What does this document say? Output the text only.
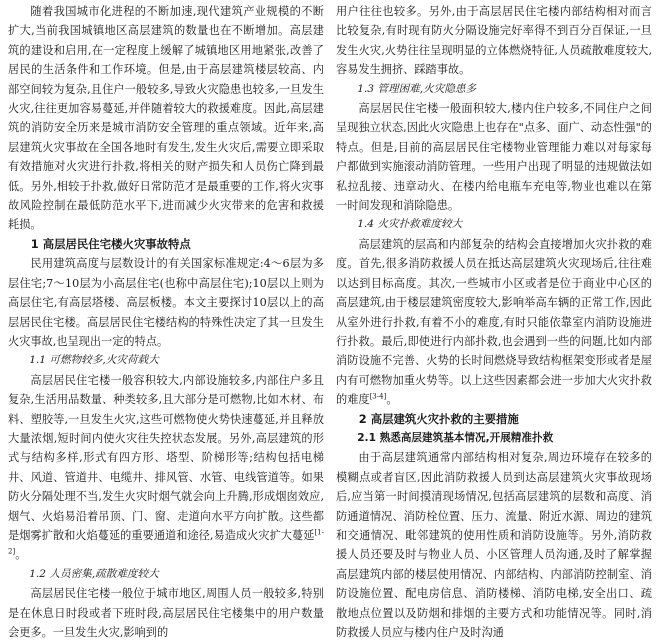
随着我国城市化进程的不断加速,现代建筑产业规模的不断扩大,当前我国城镇地区高层建筑的数量也在不断增加。高层建筑的建设和启用,在一定程度上缓解了城镇地区用地紧张,改善了居民的生活条件和工作环境。但是,由于高层建筑楼层较高、内部空间较为复杂,且住户一般较多,导致火灾隐患也较多,一旦发生火灾,往往更加容易蔓延,并伴随着较大的救援难度。因此,高层建筑的消防安全历来是城市消防安全管理的重点领域。近年来,高层建筑火灾事故在全国各地时有发生,发生火灾后,需要立即采取有效措施对火灾进行扑救,将相关的财产损失和人员伤亡降到最低。另外,相较于扑救,做好日常防范才是最重要的工作,将火灾事故风险控制在最低防范水平下,进而减少火灾带来的危害和救援耗损。

1 高层居民住宅楼火灾事故特点

民用建筑高度与层数设计的有关国家标准规定:4～6层为多层住宅;7～10层为小高层住宅(也称中高层住宅);10层以上则为高层住宅,有高层塔楼、高层板楼。本文主要探讨10层以上的高层居民住宅楼。高层居民住宅楼结构的特殊性决定了其一旦发生火灾事故,也呈现出一定的特点。

1.1 可燃物较多,火灾荷载大

高层居民住宅楼一般容积较大,内部设施较多,内部住户多且复杂,生活用品数量、种类较多,且大部分是可燃物,比如木材、布料、塑胶等,一旦发生火灾,这些可燃物使火势快速蔓延,并且释放大量浓烟,短时间内使火灾往失控状态发展。另外,高层建筑的形式与结构多样,形式有四方形、塔型、阶梯形等;结构包括电梯井、风道、管道井、电缆井、排风管、水管、电线管道等。如果防火分隔处理不当,发生火灾时烟气就会向上升腾,形成烟囱效应,烟气、火焰易沿着吊顶、门、窗、走道向水平方向扩散。这些都是烟雾扩散和火焰蔓延的重要通道和途径,易造成火灾扩大蔓延[1-2]。

1.2 人员密集,疏散难度较大

高层居民住宅楼一般位于城市地区,周围人员一般较多,特别是在休息日时段或者下班时段,高层居民住宅楼集中的用户数量会更多。一旦发生火灾,影响到的

用户往往也较多。另外,由于高层居民住宅楼内部结构相对而言比较复杂,有时现有防火分隔设施完好率得不到百分百保证,一旦发生火灾,火势往往呈现明显的立体燃烧特征,人员疏散难度较大,容易发生拥挤、踩踏事故。

1.3 管理困难,火灾隐患多

高层居民住宅楼一般面积较大,楼内住户较多,不同住户之间呈现独立状态,因此火灾隐患上也存在"点多、面广、动态性强"的特点。但是,目前的高层居民住宅楼物业管理能力难以对每家每户都做到实施滚动消防管理。一些用户出现了明显的违规做法如私拉乱接、违章动火、在楼内给电瓶车充电等,物业也难以在第一时间发现和消除隐患。

1.4 火灾扑救难度较大

高层建筑的层高和内部复杂的结构会直接增加火灾扑救的难度。首先,很多消防救援人员在抵达高层建筑火灾现场后,往往难以达到目标高度。其次,一些城市小区或者是位于商业中心区的高层建筑,由于楼层建筑密度较大,影响举高车辆的正常工作,因此从室外进行扑救,有着不小的难度,有时只能依靠室内消防设施进行扑救。最后,即使进行内部扑救,也会遇到一些的问题,比如内部消防设施不完善、火势的长时间燃烧导致结构框架变形或者是屋内有可燃物加重火势等。以上这些因素都会进一步加大火灾扑救的难度[3-4]。

2 高层建筑火灾扑救的主要措施
2.1 熟悉高层建筑基本情况,开展精准扑救

由于高层建筑通常内部结构相对复杂,周边环境存在较多的模糊点或者盲区,因此消防救援人员到达高层建筑火灾事故现场后,应当第一时间摸清现场情况,包括高层建筑的层数和高度、消防通道情况、消防栓位置、压力、流量、附近水源、周边的建筑和交通情况、毗邻建筑的使用性质和消防设施等。另外,消防救援人员还要及时与物业人员、小区管理人员沟通,及时了解掌握高层建筑内部的楼层使用情况、内部结构、内部消防控制室、消防设施位置、配电房信息、消防楼梯、消防电梯,安全出口、疏散地点位置以及防烟和排烟的主要方式和功能情况等。同时,消防救援人员应与楼内住户及时沟通
